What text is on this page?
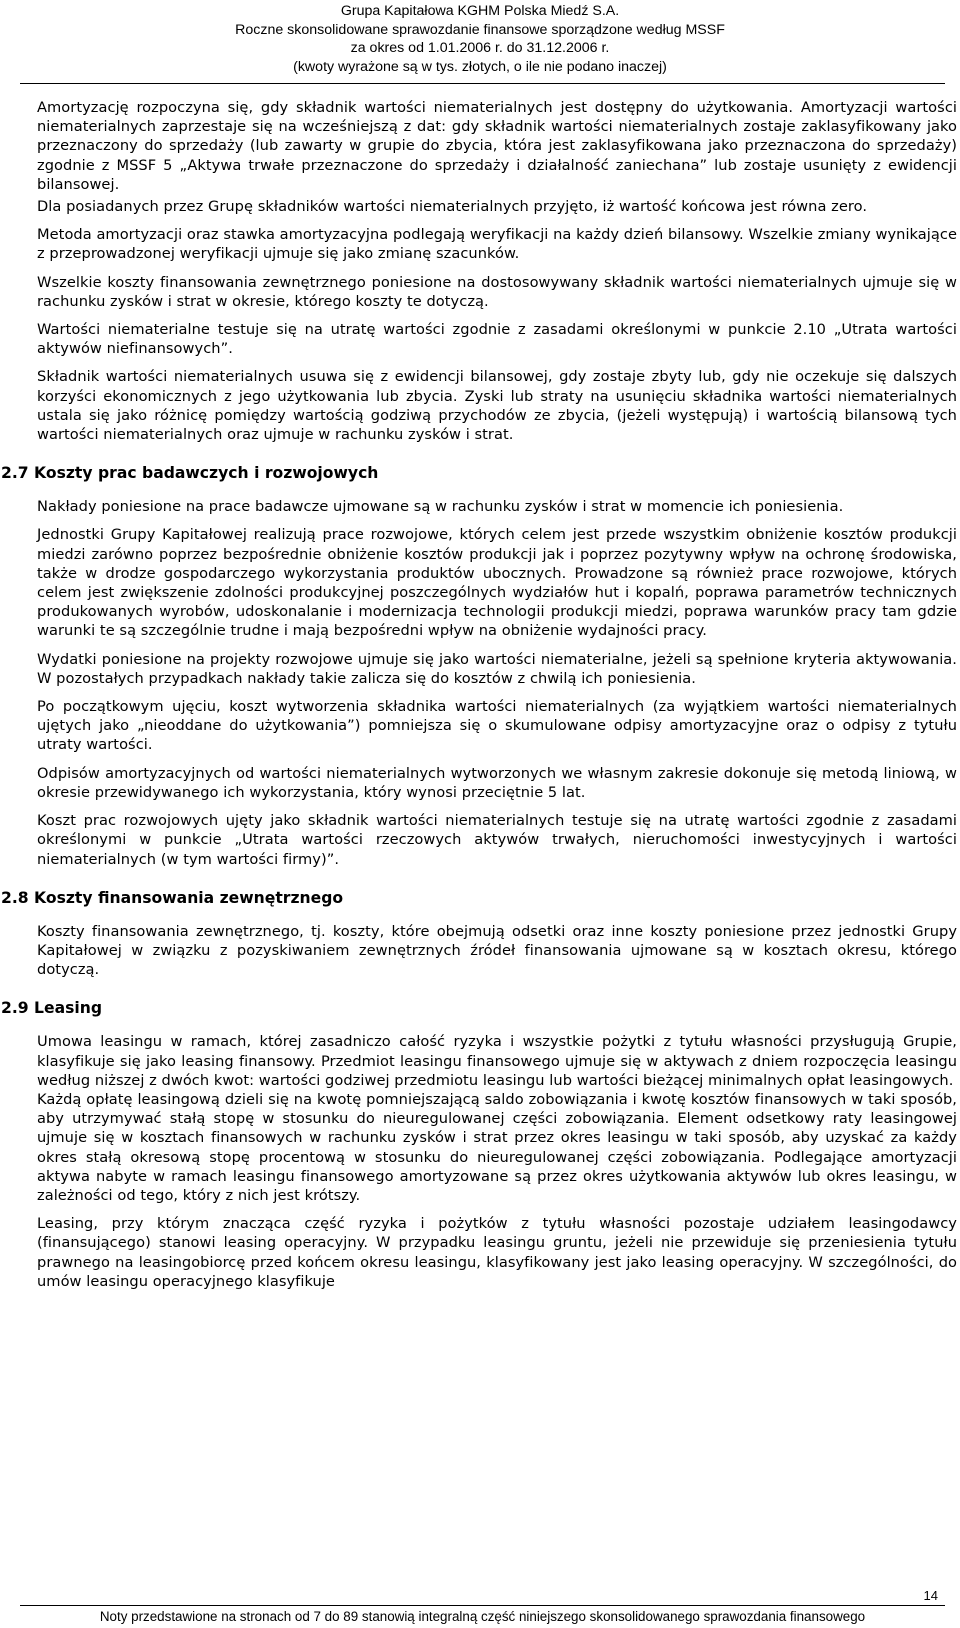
Grupa Kapitałowa KGHM Polska Miedź S.A.
Roczne skonsolidowane sprawozdanie finansowe sporządzone według MSSF
za okres od 1.01.2006 r. do 31.12.2006 r.
(kwoty wyrażone są w tys. złotych, o ile nie podano inaczej)

Amortyzację rozpoczyna się, gdy składnik wartości niematerialnych jest dostępny do użytkowania. Amortyzacji wartości niematerialnych zaprzestaje się na wcześniejszą z dat: gdy składnik wartości niematerialnych zostaje zaklasyfikowany jako przeznaczony do sprzedaży (lub zawarty w grupie do zbycia, która jest zaklasyfikowana jako przeznaczona do sprzedaży) zgodnie z MSSF 5 „Aktywa trwałe przeznaczone do sprzedaży i działalność zaniechana” lub zostaje usunięty z ewidencji bilansowej.

Dla posiadanych przez Grupę składników wartości niematerialnych przyjęto, iż wartość końcowa jest równa zero.

Metoda amortyzacji oraz stawka amortyzacyjna podlegają weryfikacji na każdy dzień bilansowy. Wszelkie zmiany wynikające z przeprowadzonej weryfikacji ujmuje się jako zmianę szacunków.

Wszelkie koszty finansowania zewnętrznego poniesione na dostosowywany składnik wartości niematerialnych ujmuje się w rachunku zysków i strat w okresie, którego koszty te dotyczą.

Wartości niematerialne testuje się na utratę wartości zgodnie z zasadami określonymi w punkcie 2.10 „Utrata wartości aktywów niefinansowych”.

Składnik wartości niematerialnych usuwa się z ewidencji bilansowej, gdy zostaje zbyty lub, gdy nie oczekuje się dalszych korzyści ekonomicznych z jego użytkowania lub zbycia. Zyski lub straty na usunięciu składnika wartości niematerialnych ustala się jako różnicę pomiędzy wartością godziwą przychodów ze zbycia, (jeżeli występują) i wartością bilansową tych wartości niematerialnych oraz ujmuje w rachunku zysków i strat.

2.7 Koszty prac badawczych i rozwojowych

Nakłady poniesione na prace badawcze ujmowane są w rachunku zysków i strat w momencie ich poniesienia.

Jednostki Grupy Kapitałowej realizują prace rozwojowe, których celem jest przede wszystkim obniżenie kosztów produkcji miedzi zarówno poprzez bezpośrednie obniżenie kosztów produkcji jak i poprzez pozytywny wpływ na ochronę środowiska, także w drodze gospodarczego wykorzystania produktów ubocznych. Prowadzone są również prace rozwojowe, których celem jest zwiększenie zdolności produkcyjnej poszczególnych wydziałów hut i kopalń, poprawa parametrów technicznych produkowanych wyrobów, udoskonalanie i modernizacja technologii produkcji miedzi, poprawa warunków pracy tam gdzie warunki te są szczególnie trudne i mają bezpośredni wpływ na obniżenie wydajności pracy.

Wydatki poniesione na projekty rozwojowe ujmuje się jako wartości niematerialne, jeżeli są spełnione kryteria aktywowania. W pozostałych przypadkach nakłady takie zalicza się do kosztów z chwilą ich poniesienia.

Po początkowym ujęciu, koszt wytworzenia składnika wartości niematerialnych (za wyjątkiem wartości niematerialnych ujętych jako „nieoddane do użytkowania”) pomniejsza się o skumulowane odpisy amortyzacyjne oraz o odpisy z tytułu utraty wartości.

Odpisów amortyzacyjnych od wartości niematerialnych wytworzonych we własnym zakresie dokonuje się metodą liniową, w okresie przewidywanego ich wykorzystania, który wynosi przeciętnie 5 lat.

Koszt prac rozwojowych ujęty jako składnik wartości niematerialnych testuje się na utratę wartości zgodnie z zasadami określonymi w punkcie „Utrata wartości rzeczowych aktywów trwałych, nieruchomości inwestycyjnych i wartości niematerialnych (w tym wartości firmy)”.

2.8 Koszty finansowania zewnętrznego

Koszty finansowania zewnętrznego, tj. koszty, które obejmują odsetki oraz inne koszty poniesione przez jednostki Grupy Kapitałowej w związku z pozyskiwaniem zewnętrznych źródeł finansowania ujmowane są w kosztach okresu, którego dotyczą.

2.9 Leasing

Umowa leasingu w ramach, której zasadniczo całość ryzyka i wszystkie pożytki z tytułu własności przysługują Grupie, klasyfikuje się jako leasing finansowy. Przedmiot leasingu finansowego ujmuje się w aktywach z dniem rozpoczęcia leasingu według niższej z dwóch kwot: wartości godziwej przedmiotu leasingu lub wartości bieżącej minimalnych opłat leasingowych.

Każdą opłatę leasingową dzieli się na kwotę pomniejszającą saldo zobowiązania i kwotę kosztów finansowych w taki sposób, aby utrzymywać stałą stopę w stosunku do nieuregulowanej części zobowiązania. Element odsetkowy raty leasingowej ujmuje się w kosztach finansowych w rachunku zysków i strat przez okres leasingu w taki sposób, aby uzyskać za każdy okres stałą okresową stopę procentową w stosunku do nieuregulowanej części zobowiązania. Podlegające amortyzacji aktywa nabyte w ramach leasingu finansowego amortyzowane są przez okres użytkowania aktywów lub okres leasingu, w zależności od tego, który z nich jest krótszy.

Leasing, przy którym znacząca część ryzyka i pożytków z tytułu własności pozostaje udziałem leasingodawcy (finansującego) stanowi leasing operacyjny. W przypadku leasingu gruntu, jeżeli nie przewiduje się przeniesienia tytułu prawnego na leasingobiorcę przed końcem okresu leasingu, klasyfikowany jest jako leasing operacyjny. W szczególności, do umów leasingu operacyjnego klasyfikuje

14
Noty przedstawione na stronach od 7 do 89 stanowią integralną część niniejszego skonsolidowanego sprawozdania finansowego
